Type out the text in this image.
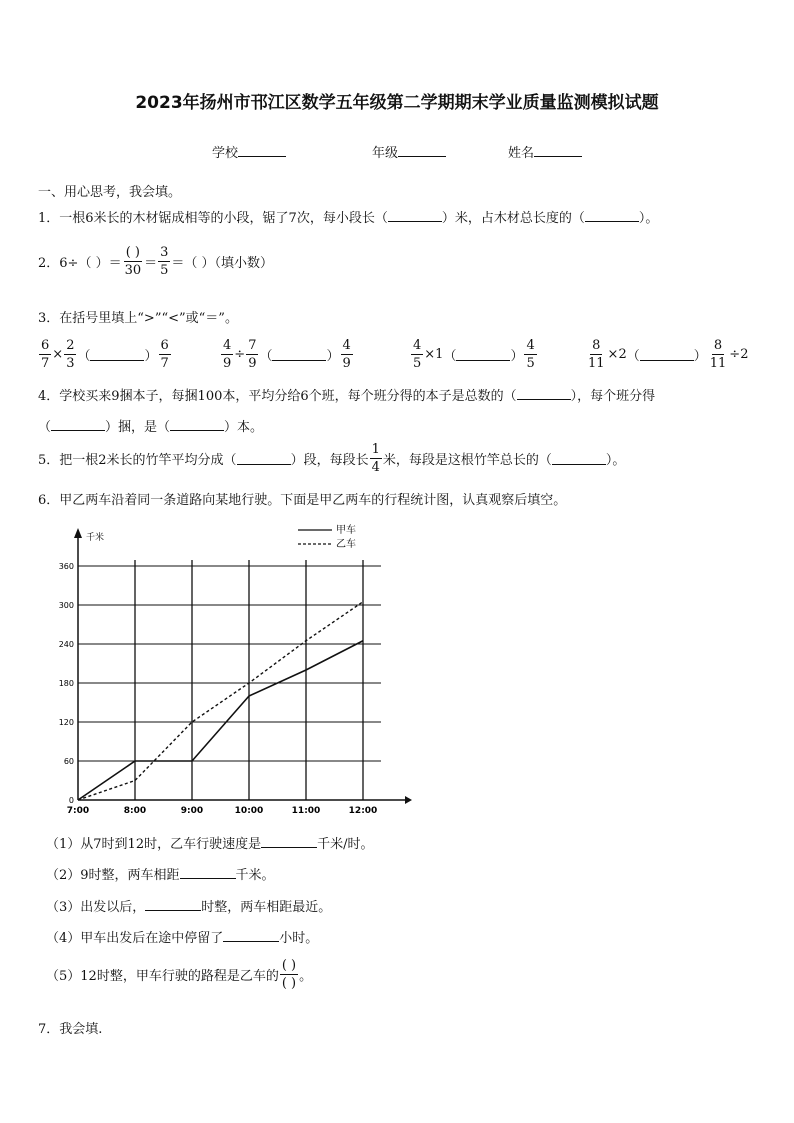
2023年扬州市邗江区数学五年级第二学期期末学业质量监测模拟试题
学校	年级	姓名
一、用心思考，我会填。
1．一根6米长的木材锯成相等的小段，锯了7次，每小段长（	）米，占木材总长度的（	）。
2． 6÷（ ）＝ $\frac{( )}{30} = \frac{3}{5}$ ＝（ ）（填小数）
3．在括号里填上“>”“<”或“＝”。
$\frac{6}{7} \times \frac{2}{3}$ （	） $\frac{6}{7}$	$\frac{4}{9} \div \frac{7}{9}$ （	） $\frac{4}{9}$	$\frac{4}{5} \times 1$ （	） $\frac{4}{5}$	$\frac{8}{11} \times 2$ （	） $\frac{8}{11} \div 2$
4．学校买来9捆本子，每捆100本，平均分给6个班，每个班分得的本子是总数的（	），每个班分得
（	）捆，是（	）本。
5． 把一根2米长的竹竿平均分成（	）段，每段长 $\frac{1}{4}$ 米，每段是这根竹竿总长的（	）。
6．甲乙两车沿着同一条道路向某地行驶。下面是甲乙两车的行程统计图，认真观察后填空。
0
60
120
180
240
300
360
7:00	8:00	9:00	10:00	11:00	12:00
千米
甲车
乙车
（1）从7时到12时，乙车行驶速度是	千米/时。
（2）9时整，两车相距	千米。
（3）出发以后，	时整，两车相距最近。
（4）甲车出发后在途中停留了	小时。
（5）12时整，甲车行驶的路程是乙车的 $\frac{( )}{( )}$ 。
7．我会填.
